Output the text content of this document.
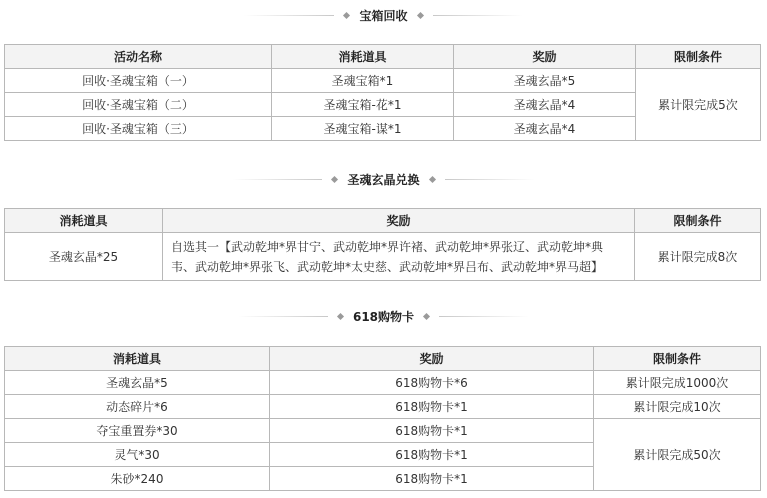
宝箱回收
活动名称	消耗道具	奖励	限制条件
回收·圣魂宝箱（一）	圣魂宝箱*1	圣魂玄晶*5	累计限完成5次
回收·圣魂宝箱（二）	圣魂宝箱-花*1	圣魂玄晶*4	
回收·圣魂宝箱（三）	圣魂宝箱-谋*1	圣魂玄晶*4	
圣魂玄晶兑换
消耗道具	奖励	限制条件
圣魂玄晶*25	自选其一【武动乾坤*界甘宁、武动乾坤*界许褚、武动乾坤*界张辽、武动乾坤*典
韦、武动乾坤*界张飞、武动乾坤*太史慈、武动乾坤*界吕布、武动乾坤*界马超】	累计限完成8次
618购物卡
消耗道具	奖励	限制条件
圣魂玄晶*5	618购物卡*6	累计限完成1000次
动态碎片*6	618购物卡*1	累计限完成10次
夺宝重置券*30	618购物卡*1	累计限完成50次
灵气*30	618购物卡*1	
朱砂*240	618购物卡*1	
